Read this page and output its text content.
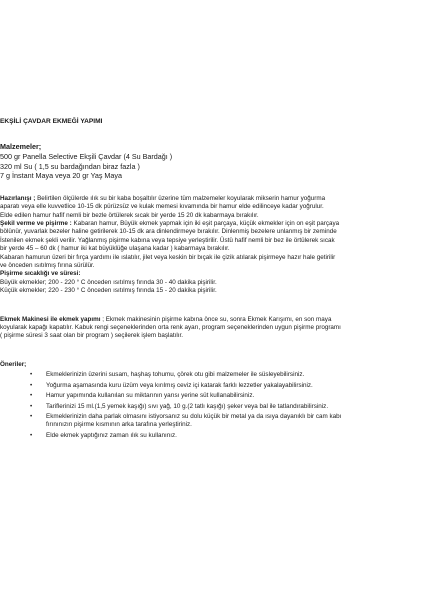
EKŞİLİ ÇAVDAR EKMEĞİ YAPIMI
Malzemeler;
500 gr Panella Selective Ekşili Çavdar (4 Su Bardağı )
320 ml Su ( 1,5 su bardağından biraz fazla )
7 g İnstant Maya veya 20 gr Yaş Maya
Hazırlanışı ; Belirtilen ölçülerde ılık su bir kaba boşaltılır üzerine tüm malzemeler koyularak mikserin hamur yoğurma
aparatı veya elle kuvvetlice 10-15 dk pürüzsüz ve kulak memesi kıvamında bir hamur elde edilinceye kadar yoğrulur.
Elde edilen hamur hafif nemli bir bezle örtülerek sıcak bir yerde 15 20 dk kabarmaya bırakılır.
Şekil verme ve pişirme : Kabaran hamur, Büyük ekmek yapmak için iki eşit parçaya, küçük ekmekler için on eşit parçaya
bölünür, yuvarlak bezeler haline getirilerek 10-15 dk ara dinlendirmeye bırakılır. Dinlenmiş bezelere unlanmış bir zeminde
İstenilen ekmek şekli verilir. Yağlanmış pişirme kabına veya tepsiye yerleştirilir. Üstü hafif nemli bir bez ile örtülerek sıcak
bir yerde 45 – 60 dk ( hamur iki kat büyüklüğe ulaşana kadar ) kabarmaya bırakılır.
Kabaran hamurun üzeri bir fırça yardımı ile ıslatılır, jilet veya keskin bir bıçak ile çizik atılarak pişirmeye hazır hale getirilir
ve önceden ısıtılmış fırına sürülür.
Pişirme sıcaklığı ve süresi:
Büyük ekmekler; 200 - 220 ° C önceden ısıtılmış fırında 30 - 40 dakika pişirilir.
Küçük ekmekler; 220 - 230 ° C önceden ısıtılmış fırında 15 - 20 dakika pişirilir.
Ekmek Makinesi ile ekmek yapımı ; Ekmek makinesinin pişirme kabına önce su, sonra Ekmek Karışımı, en son maya
koyularak kapağı kapatılır. Kabuk rengi seçeneklerinden orta renk ayarı, program seçeneklerinden uygun pişirme programı
( pişirme süresi 3 saat olan bir program ) seçilerek işlem başlatılır.
Öneriler;
• Ekmeklerinizin üzerini susam, haşhaş tohumu, çörek otu gibi malzemeler ile süsleyebilirsiniz.
• Yoğurma aşamasında kuru üzüm veya kırılmış ceviz içi katarak farklı lezzetler yakalayabilirsiniz.
• Hamur yapımında kullanılan su miktarının yarısı yerine süt kullanabilirsiniz.
• Tariflerinizi 15 ml.(1,5 yemek kaşığı) sıvı yağ, 10 g.(2 tatlı kaşığı) şeker veya bal ile tatlandırabilirsiniz.
• Ekmeklerinizin daha parlak olmasını istiyorsanız su dolu küçük bir metal ya da ısıya dayanıklı bir cam kabı
fırınınızın pişirme kısmının arka tarafına yerleştiriniz.
• Elde ekmek yaptığınız zaman ılık su kullanınız.
